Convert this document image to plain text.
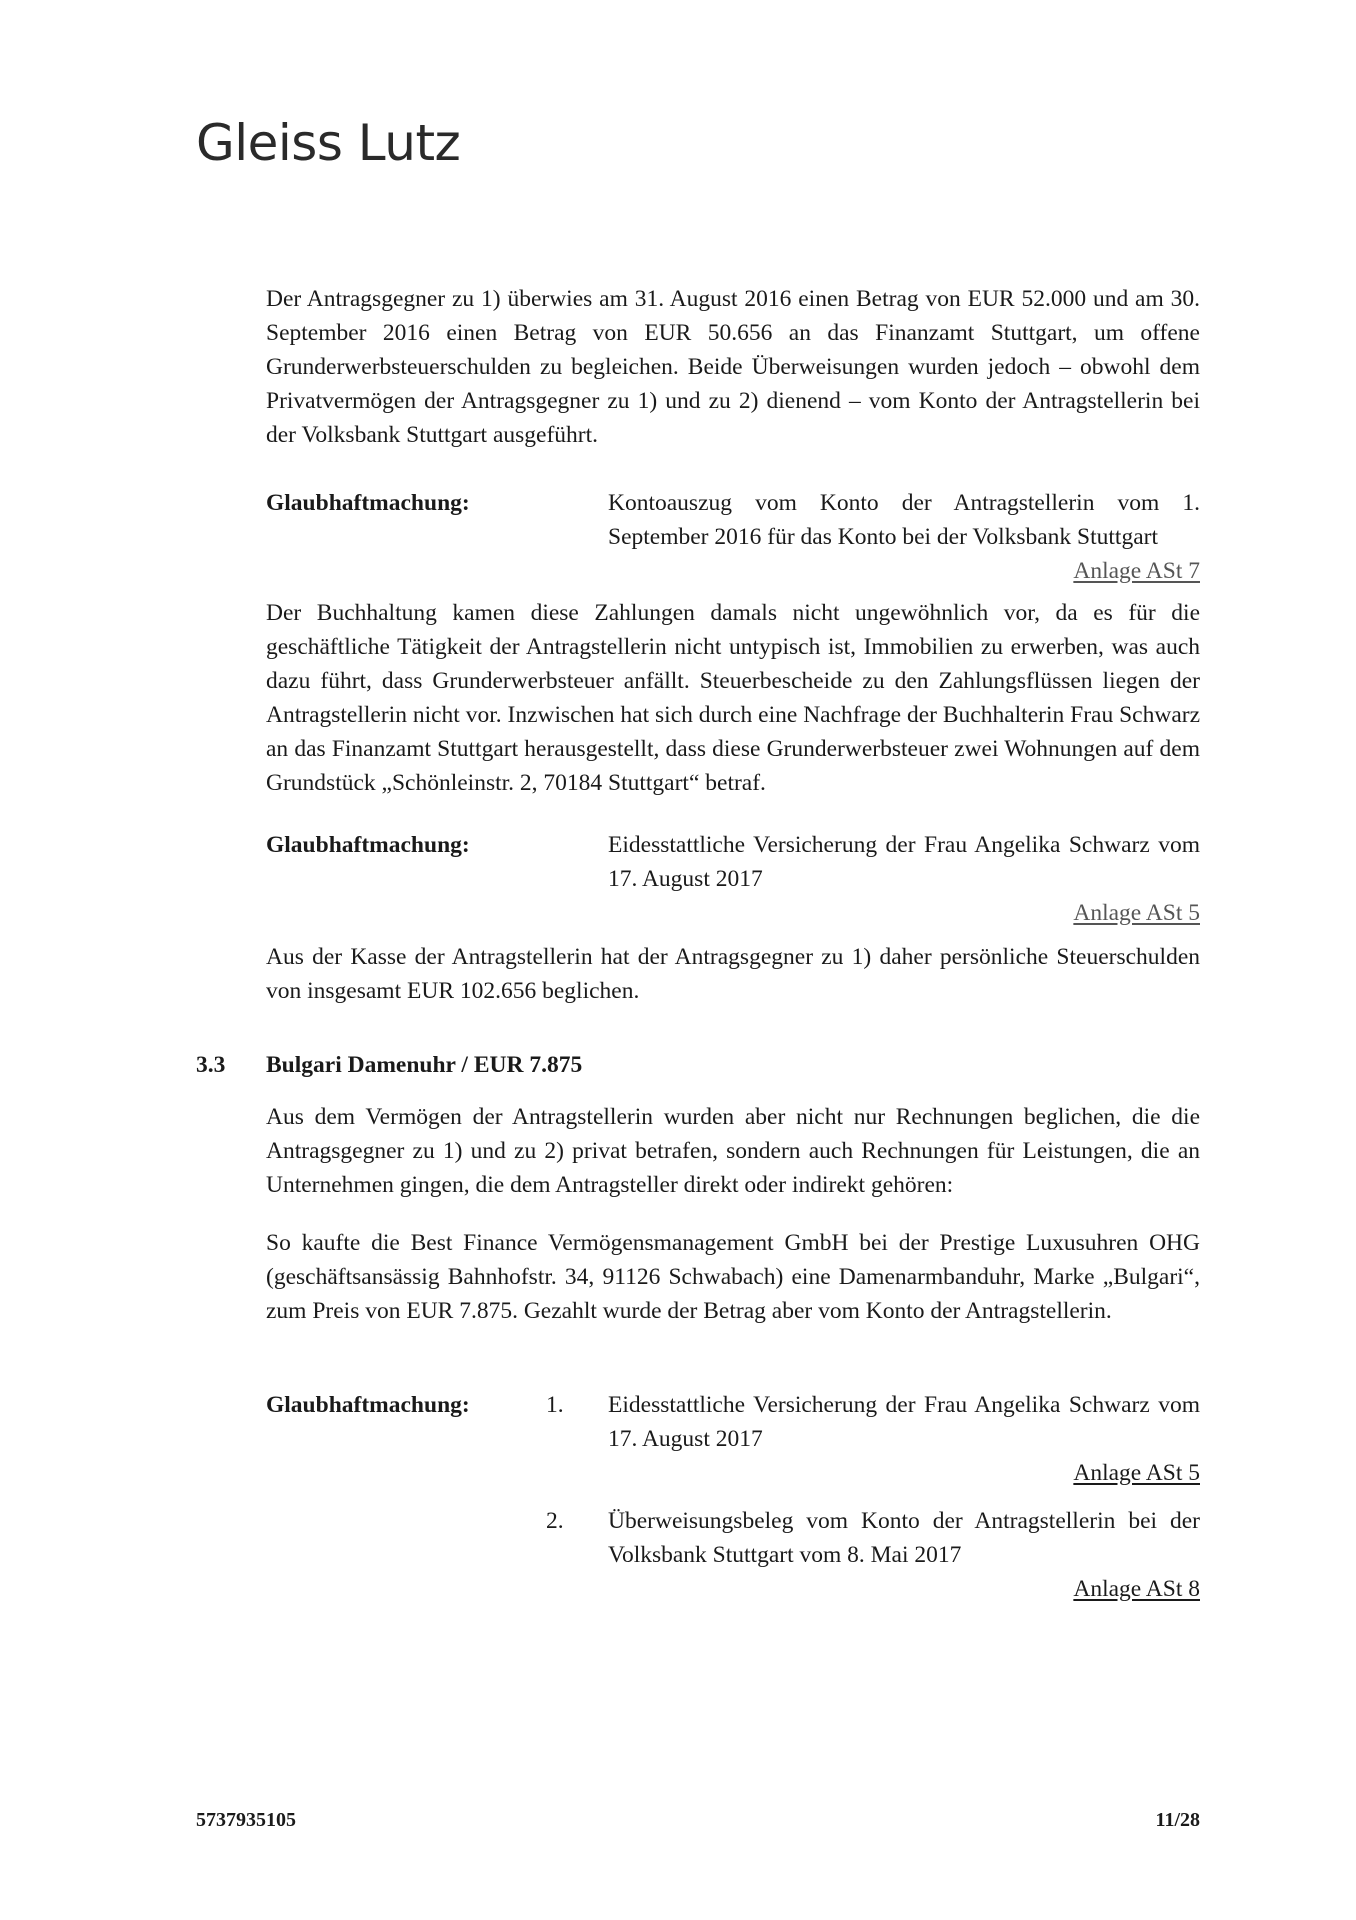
Gleiss Lutz

Der Antragsgegner zu 1) überwies am 31. August 2016 einen Betrag von EUR 52.000 und am 30. September 2016 einen Betrag von EUR 50.656 an das Finanzamt Stuttgart, um offene Grunderwerbsteuerschulden zu begleichen. Beide Überweisungen wurden jedoch – obwohl dem Privatvermögen der Antragsgegner zu 1) und zu 2) dienend – vom Konto der Antragstellerin bei der Volksbank Stuttgart ausgeführt.

Glaubhaftmachung:	Kontoauszug vom Konto der Antragstellerin vom 1. September 2016 für das Konto bei der Volksbank Stuttgart

Anlage ASt 7

Der Buchhaltung kamen diese Zahlungen damals nicht ungewöhnlich vor, da es für die geschäftliche Tätigkeit der Antragstellerin nicht untypisch ist, Immobilien zu erwerben, was auch dazu führt, dass Grunderwerbsteuer anfällt. Steuerbescheide zu den Zahlungsflüssen liegen der Antragstellerin nicht vor. Inzwischen hat sich durch eine Nachfrage der Buchhalterin Frau Schwarz an das Finanzamt Stuttgart herausgestellt, dass diese Grunderwerbsteuer zwei Wohnungen auf dem Grundstück „Schönleinstr. 2, 70184 Stuttgart“ betraf.

Glaubhaftmachung:	Eidesstattliche Versicherung der Frau Angelika Schwarz vom 17. August 2017

Anlage ASt 5

Aus der Kasse der Antragstellerin hat der Antragsgegner zu 1) daher persönliche Steuerschulden von insgesamt EUR 102.656 beglichen.

3.3 Bulgari Damenuhr / EUR 7.875

Aus dem Vermögen der Antragstellerin wurden aber nicht nur Rechnungen beglichen, die die Antragsgegner zu 1) und zu 2) privat betrafen, sondern auch Rechnungen für Leistungen, die an Unternehmen gingen, die dem Antragsteller direkt oder indirekt gehören:

So kaufte die Best Finance Vermögensmanagement GmbH bei der Prestige Luxusuhren OHG (geschäftsansässig Bahnhofstr. 34, 91126 Schwabach) eine Damenarmbanduhr, Marke „Bulgari“, zum Preis von EUR 7.875. Gezahlt wurde der Betrag aber vom Konto der Antragstellerin.

Glaubhaftmachung:	1. Eidesstattliche Versicherung der Frau Angelika Schwarz vom 17. August 2017

Anlage ASt 5
2. Überweisungsbeleg vom Konto der Antragstellerin bei der Volksbank Stuttgart vom 8. Mai 2017

Anlage ASt 8
5737935105	11/28
